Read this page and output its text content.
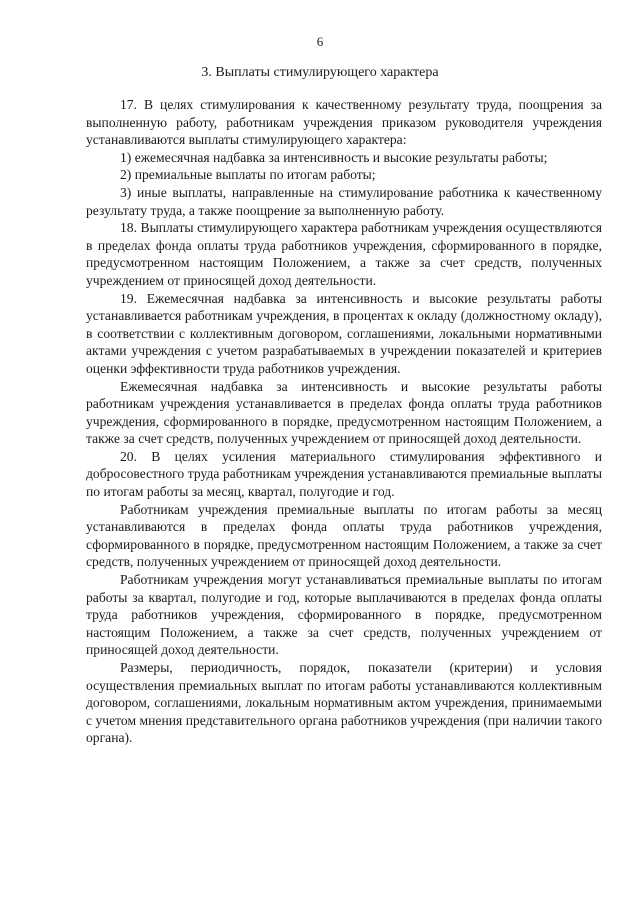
6
3. Выплаты стимулирующего характера

17. В целях стимулирования к качественному результату труда, поощрения за выполненную работу, работникам учреждения приказом руководителя учреждения устанавливаются выплаты стимулирующего характера:

1) ежемесячная надбавка за интенсивность и высокие результаты работы;

2) премиальные выплаты по итогам работы;

3) иные выплаты, направленные на стимулирование работника к качественному результату труда, а также поощрение за выполненную работу.

18. Выплаты стимулирующего характера работникам учреждения осуществляются в пределах фонда оплаты труда работников учреждения, сформированного в порядке, предусмотренном настоящим Положением, а также за счет средств, полученных учреждением от приносящей доход деятельности.

19. Ежемесячная надбавка за интенсивность и высокие результаты работы устанавливается работникам учреждения, в процентах к окладу (должностному окладу), в соответствии с коллективным договором, соглашениями, локальными нормативными актами учреждения с учетом разрабатываемых в учреждении показателей и критериев оценки эффективности труда работников учреждения.

Ежемесячная надбавка за интенсивность и высокие результаты работы работникам учреждения устанавливается в пределах фонда оплаты труда работников учреждения, сформированного в порядке, предусмотренном настоящим Положением, а также за счет средств, полученных учреждением от приносящей доход деятельности.

20. В целях усиления материального стимулирования эффективного и добросовестного труда работникам учреждения устанавливаются премиальные выплаты по итогам работы за месяц, квартал, полугодие и год.

Работникам учреждения премиальные выплаты по итогам работы за месяц устанавливаются в пределах фонда оплаты труда работников учреждения, сформированного в порядке, предусмотренном настоящим Положением, а также за счет средств, полученных учреждением от приносящей доход деятельности.

Работникам учреждения могут устанавливаться премиальные выплаты по итогам работы за квартал, полугодие и год, которые выплачиваются в пределах фонда оплаты труда работников учреждения, сформированного в порядке, предусмотренном настоящим Положением, а также за счет средств, полученных учреждением от приносящей доход деятельности.

Размеры, периодичность, порядок, показатели (критерии) и условия осуществления премиальных выплат по итогам работы устанавливаются коллективным договором, соглашениями, локальным нормативным актом учреждения, принимаемыми с учетом мнения представительного органа работников учреждения (при наличии такого органа).
